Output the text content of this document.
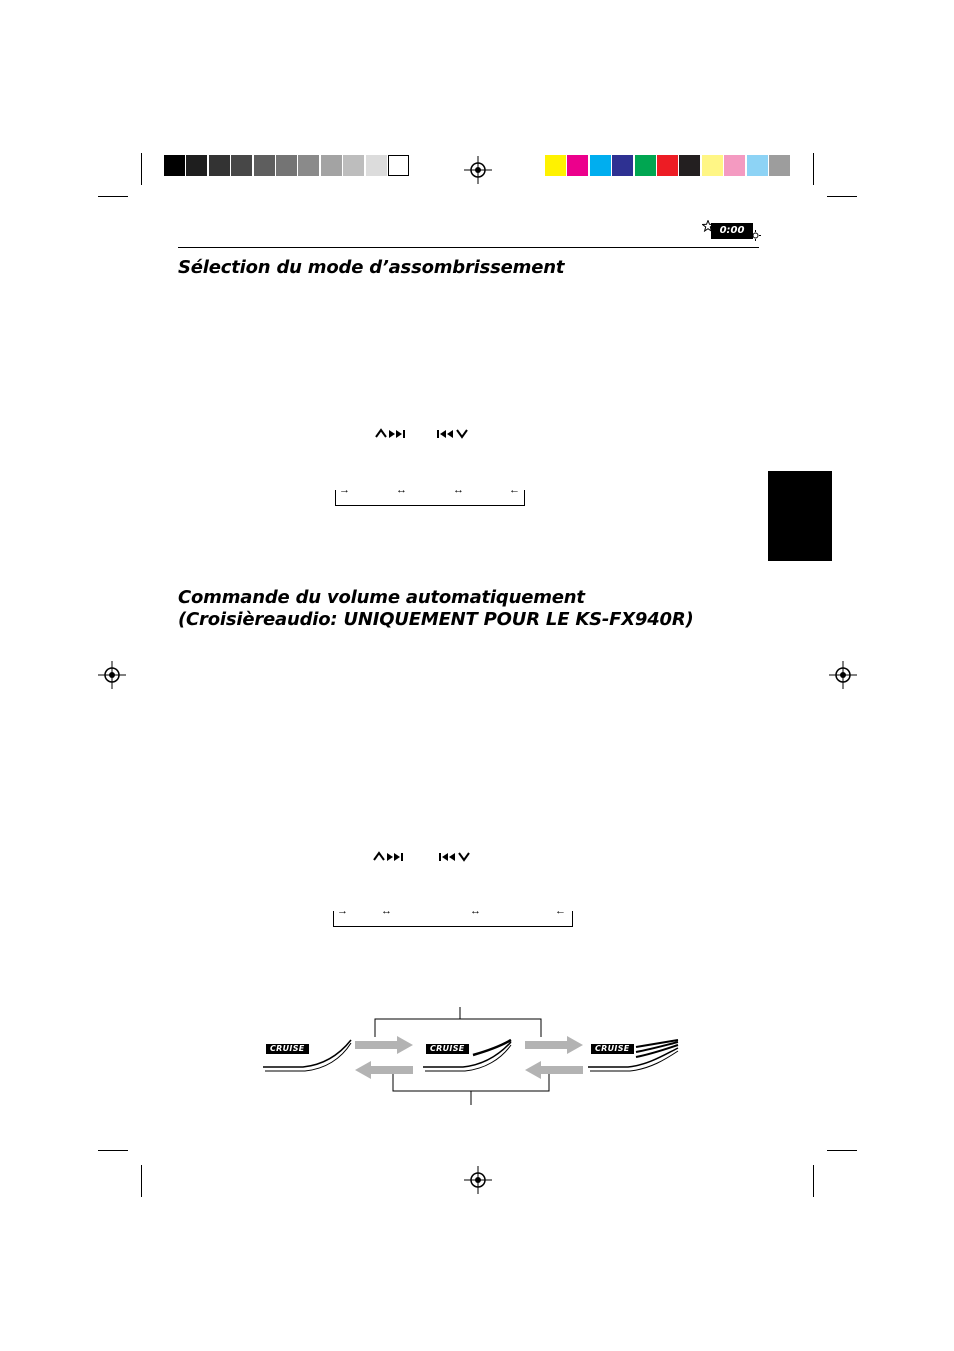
0:00
Sélection du mode d’assombrissement
→	↔	↔	←
Commande du volume automatiquement
(Croisièreaudio: UNIQUEMENT POUR LE KS-FX940R)
→	↔	↔	←
CRUISE	CRUISE	CRUISE
